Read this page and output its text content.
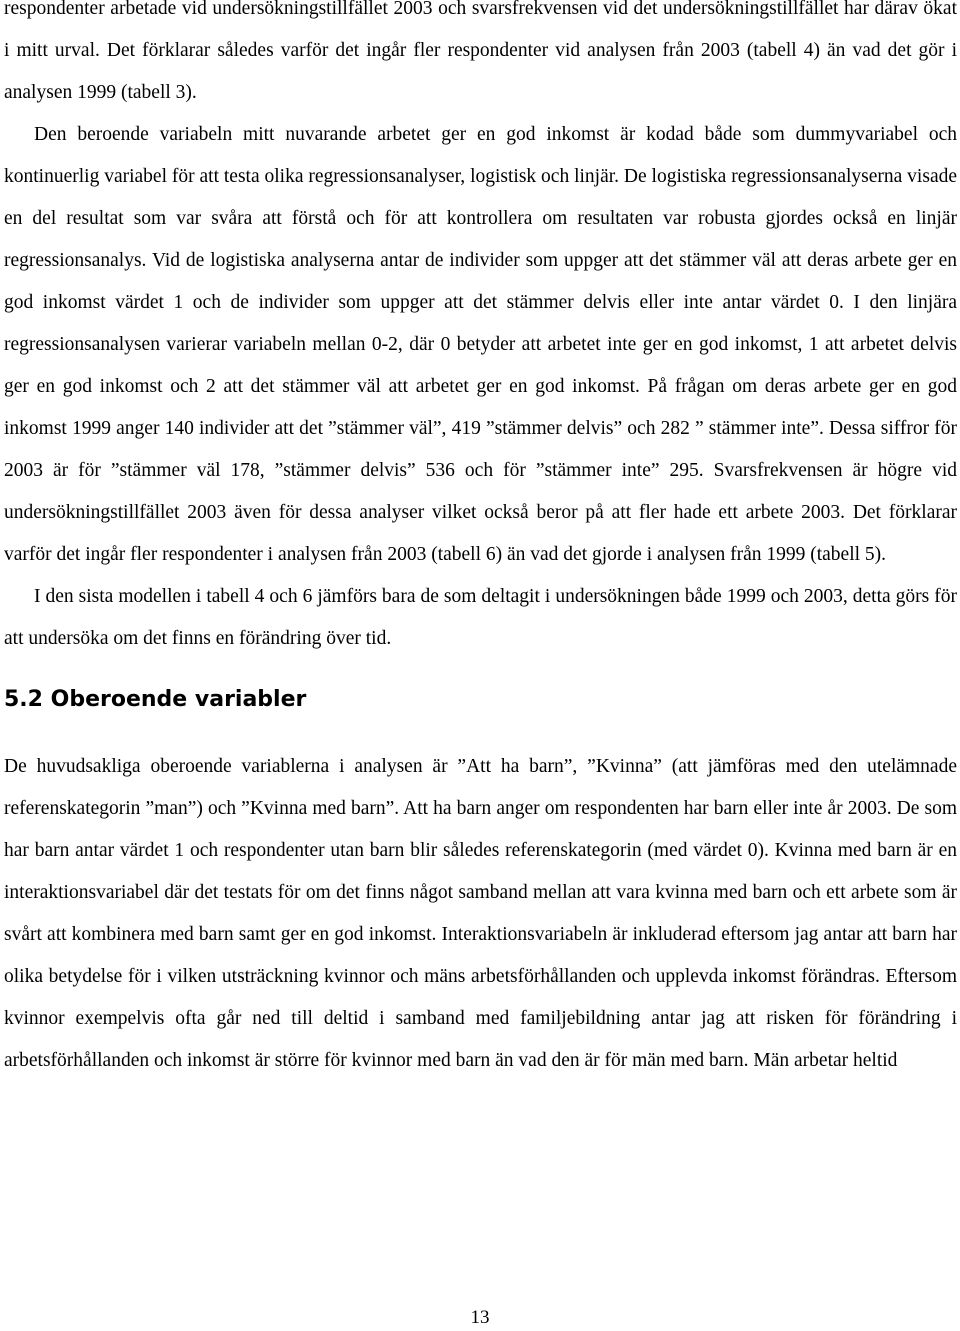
respondenter arbetade vid undersökningstillfället 2003 och svarsfrekvensen vid det undersökningstillfället har därav ökat i mitt urval. Det förklarar således varför det ingår fler respondenter vid analysen från 2003 (tabell 4) än vad det gör i analysen 1999 (tabell 3).

Den beroende variabeln mitt nuvarande arbetet ger en god inkomst är kodad både som dummyvariabel och kontinuerlig variabel för att testa olika regressionsanalyser, logistisk och linjär. De logistiska regressionsanalyserna visade en del resultat som var svåra att förstå och för att kontrollera om resultaten var robusta gjordes också en linjär regressionsanalys. Vid de logistiska analyserna antar de individer som uppger att det stämmer väl att deras arbete ger en god inkomst värdet 1 och de individer som uppger att det stämmer delvis eller inte antar värdet 0. I den linjära regressionsanalysen varierar variabeln mellan 0-2, där 0 betyder att arbetet inte ger en god inkomst, 1 att arbetet delvis ger en god inkomst och 2 att det stämmer väl att arbetet ger en god inkomst. På frågan om deras arbete ger en god inkomst 1999 anger 140 individer att det ”stämmer väl”, 419 ”stämmer delvis” och 282 ” stämmer inte”. Dessa siffror för 2003 är för ”stämmer väl 178, ”stämmer delvis” 536 och för ”stämmer inte” 295. Svarsfrekvensen är högre vid undersökningstillfället 2003 även för dessa analyser vilket också beror på att fler hade ett arbete 2003. Det förklarar varför det ingår fler respondenter i analysen från 2003 (tabell 6) än vad det gjorde i analysen från 1999 (tabell 5).

I den sista modellen i tabell 4 och 6 jämförs bara de som deltagit i undersökningen både 1999 och 2003, detta görs för att undersöka om det finns en förändring över tid.

5.2 Oberoende variabler

De huvudsakliga oberoende variablerna i analysen är ”Att ha barn”, ”Kvinna” (att jämföras med den utelämnade referenskategorin ”man”) och ”Kvinna med barn”. Att ha barn anger om respondenten har barn eller inte år 2003. De som har barn antar värdet 1 och respondenter utan barn blir således referenskategorin (med värdet 0). Kvinna med barn är en interaktionsvariabel där det testats för om det finns något samband mellan att vara kvinna med barn och ett arbete som är svårt att kombinera med barn samt ger en god inkomst. Interaktionsvariabeln är inkluderad eftersom jag antar att barn har olika betydelse för i vilken utsträckning kvinnor och mäns arbetsförhållanden och upplevda inkomst förändras. Eftersom kvinnor exempelvis ofta går ned till deltid i samband med familjebildning antar jag att risken för förändring i arbetsförhållanden och inkomst är större för kvinnor med barn än vad den är för män med barn. Män arbetar heltid

13
